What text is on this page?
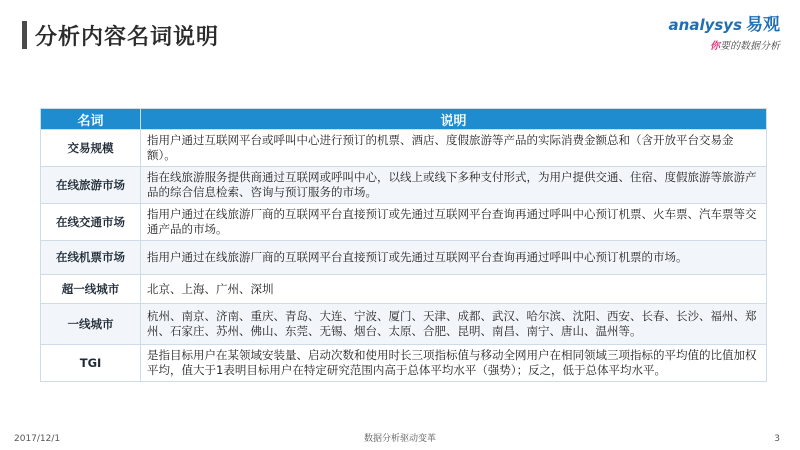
分析内容名词说明	analysys 易观
你要的数据分析
名词	说明
交易规模	指用户通过互联网平台或呼叫中心进行预订的机票、酒店、度假旅游等产品的实际消费金额总和（含开放平台交易金额）。
在线旅游市场	指在线旅游服务提供商通过互联网或呼叫中心，以线上或线下多种支付形式，为用户提供交通、住宿、度假旅游等旅游产品的综合信息检索、咨询与预订服务的市场。
在线交通市场	指用户通过在线旅游厂商的互联网平台直接预订或先通过互联网平台查询再通过呼叫中心预订机票、火车票、汽车票等交通产品的市场。
在线机票市场	指用户通过在线旅游厂商的互联网平台直接预订或先通过互联网平台查询再通过呼叫中心预订机票的市场。
超一线城市	北京、上海、广州、深圳
一线城市	杭州、南京、济南、重庆、青岛、大连、宁波、厦门、天津、成都、武汉、哈尔滨、沈阳、西安、长春、长沙、福州、郑州、石家庄、苏州、佛山、东莞、无锡、烟台、太原、合肥、昆明、南昌、南宁、唐山、温州等。
TGI	是指目标用户在某领域安装量、启动次数和使用时长三项指标值与移动全网用户在相同领域三项指标的平均值的比值加权平均，值大于1表明目标用户在特定研究范围内高于总体平均水平（强势）；反之，低于总体平均水平。
2017/12/1	数据分析驱动变革	3
